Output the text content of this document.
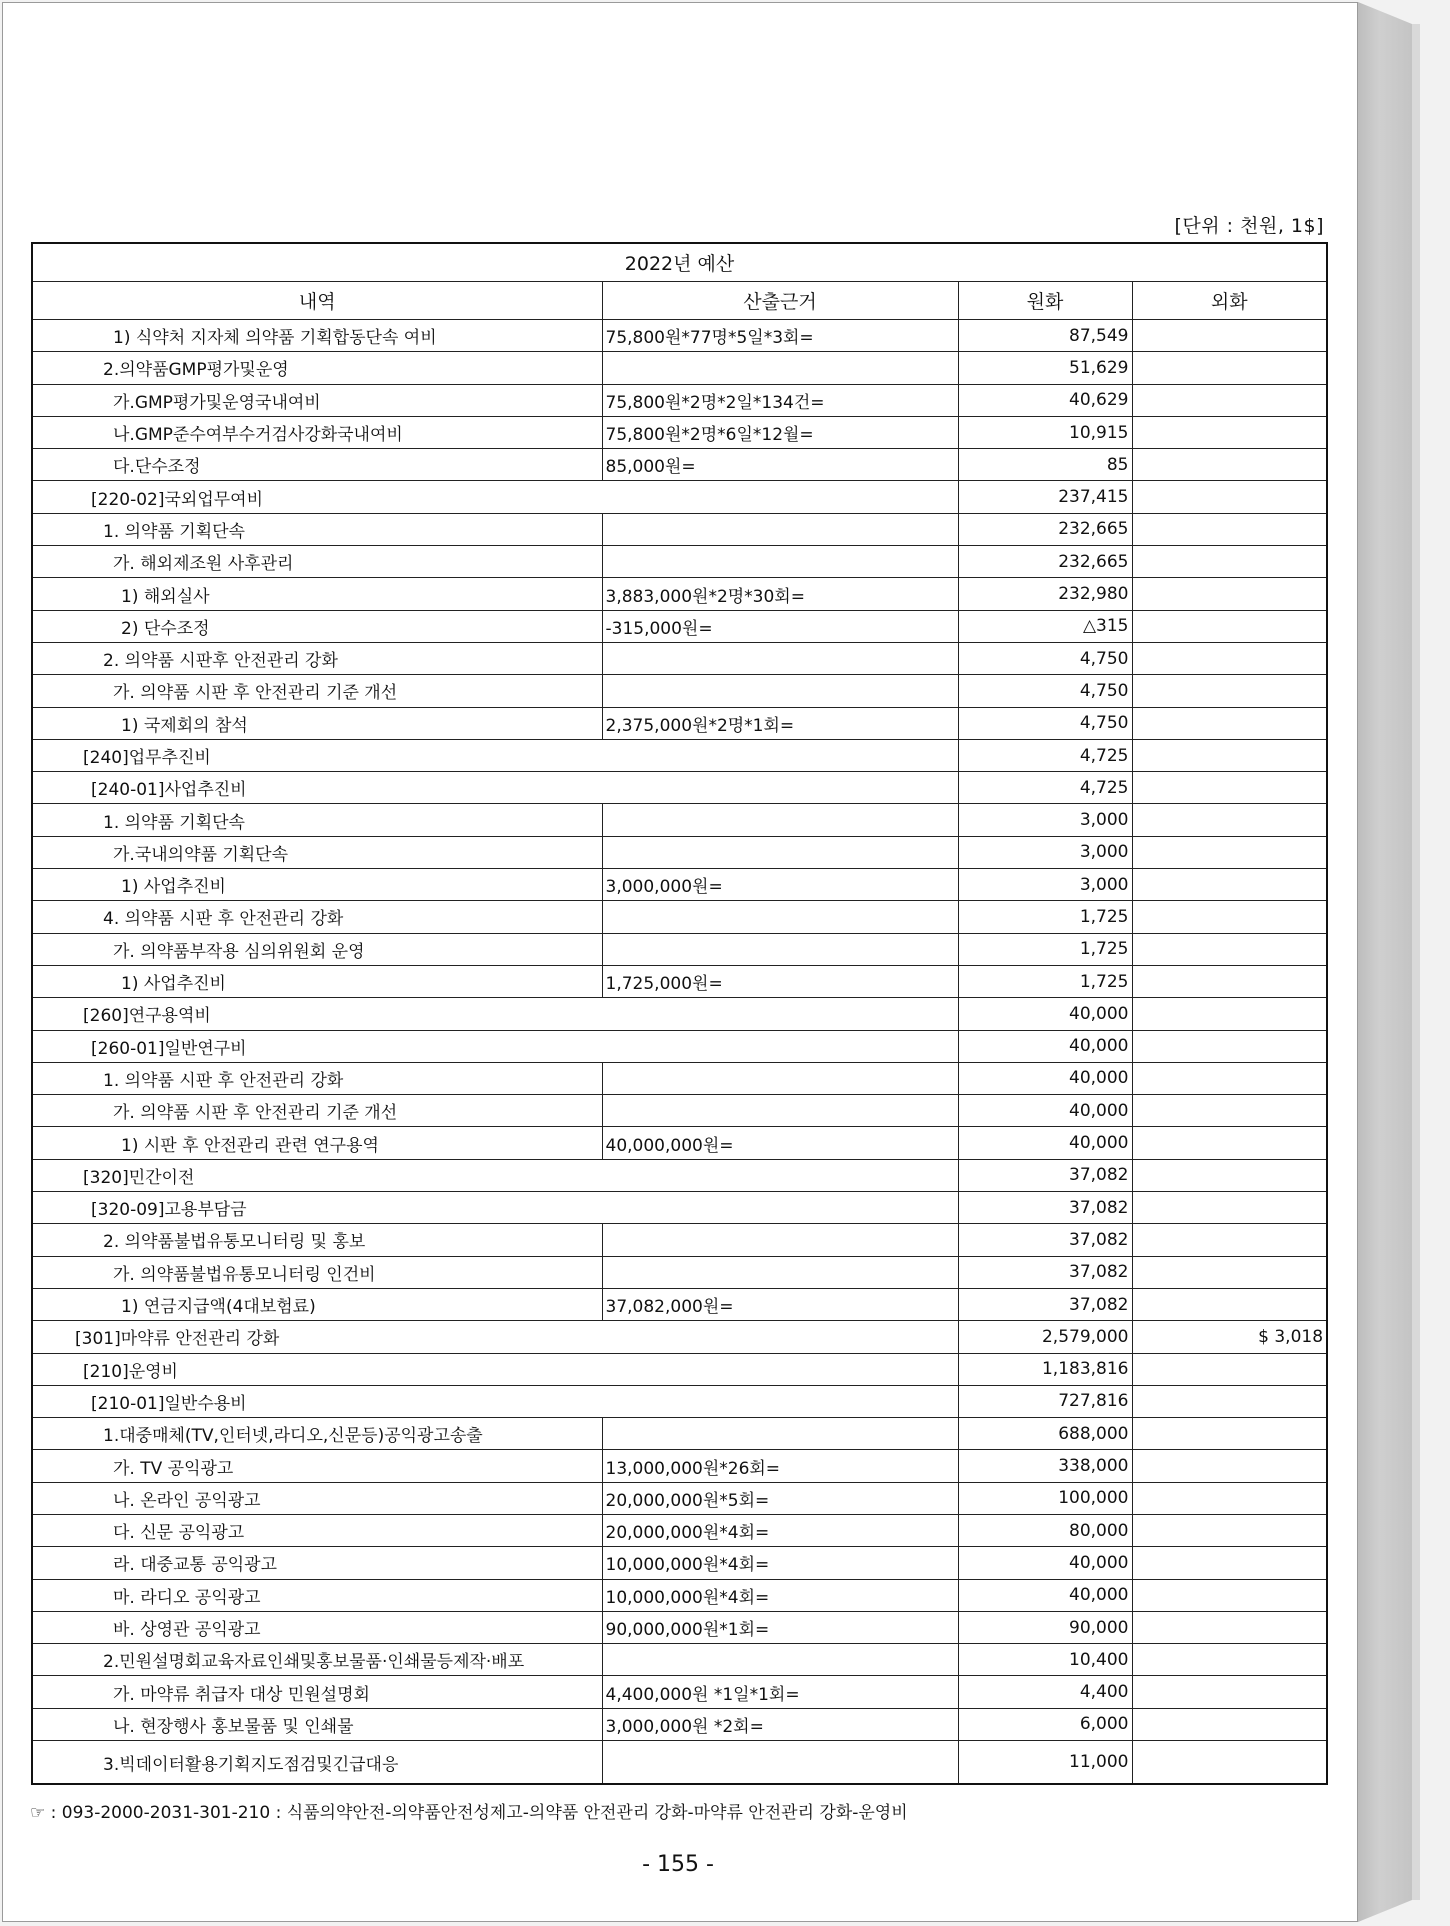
[단위 : 천원, 1$]
2022년 예산			
내역	산출근거	원화	외화
1) 식약처 지자체 의약품 기획합동단속 여비	75,800원*77명*5일*3회=	87,549	
2.의약품GMP평가및운영		51,629	
가.GMP평가및운영국내여비	75,800원*2명*2일*134건=	40,629	
나.GMP준수여부수거검사강화국내여비	75,800원*2명*6일*12월=	10,915	
다.단수조정	85,000원=	85	
[220-02]국외업무여비		237,415	
1. 의약품 기획단속		232,665	
가. 해외제조원 사후관리		232,665	
1) 해외실사	3,883,000원*2명*30회=	232,980	
2) 단수조정	-315,000원=	△315	
2. 의약품 시판후 안전관리 강화		4,750	
가. 의약품 시판 후 안전관리 기준 개선		4,750	
1) 국제회의 참석	2,375,000원*2명*1회=	4,750	
[240]업무추진비		4,725	
[240-01]사업추진비		4,725	
1. 의약품 기획단속		3,000	
가.국내의약품 기획단속		3,000	
1) 사업추진비	3,000,000원=	3,000	
4. 의약품 시판 후 안전관리 강화		1,725	
가. 의약품부작용 심의위원회 운영		1,725	
1) 사업추진비	1,725,000원=	1,725	
[260]연구용역비		40,000	
[260-01]일반연구비		40,000	
1. 의약품 시판 후 안전관리 강화		40,000	
가. 의약품 시판 후 안전관리 기준 개선		40,000	
1) 시판 후 안전관리 관련 연구용역	40,000,000원=	40,000	
[320]민간이전		37,082	
[320-09]고용부담금		37,082	
2. 의약품불법유통모니터링 및 홍보		37,082	
가. 의약품불법유통모니터링 인건비		37,082	
1) 연금지급액(4대보험료)	37,082,000원=	37,082	
[301]마약류 안전관리 강화		2,579,000	$ 3,018
[210]운영비		1,183,816	
[210-01]일반수용비		727,816	
1.대중매체(TV,인터넷,라디오,신문등)공익광고송출		688,000	
가. TV 공익광고	13,000,000원*26회=	338,000	
나. 온라인 공익광고	20,000,000원*5회=	100,000	
다. 신문 공익광고	20,000,000원*4회=	80,000	
라. 대중교통 공익광고	10,000,000원*4회=	40,000	
마. 라디오 공익광고	10,000,000원*4회=	40,000	
바. 상영관 공익광고	90,000,000원*1회=	90,000	
2.민원설명회교육자료인쇄및홍보물품·인쇄물등제작·배포		10,400	
가. 마약류 취급자 대상 민원설명회	4,400,000원 *1일*1회=	4,400	
나. 현장행사 홍보물품 및 인쇄물	3,000,000원 *2회=	6,000	
3.빅데이터활용기획지도점검및긴급대응		11,000	
☞ : 093-2000-2031-301-210 : 식품의약안전-의약품안전성제고-의약품 안전관리 강화-마약류 안전관리 강화-운영비
- 155 -
